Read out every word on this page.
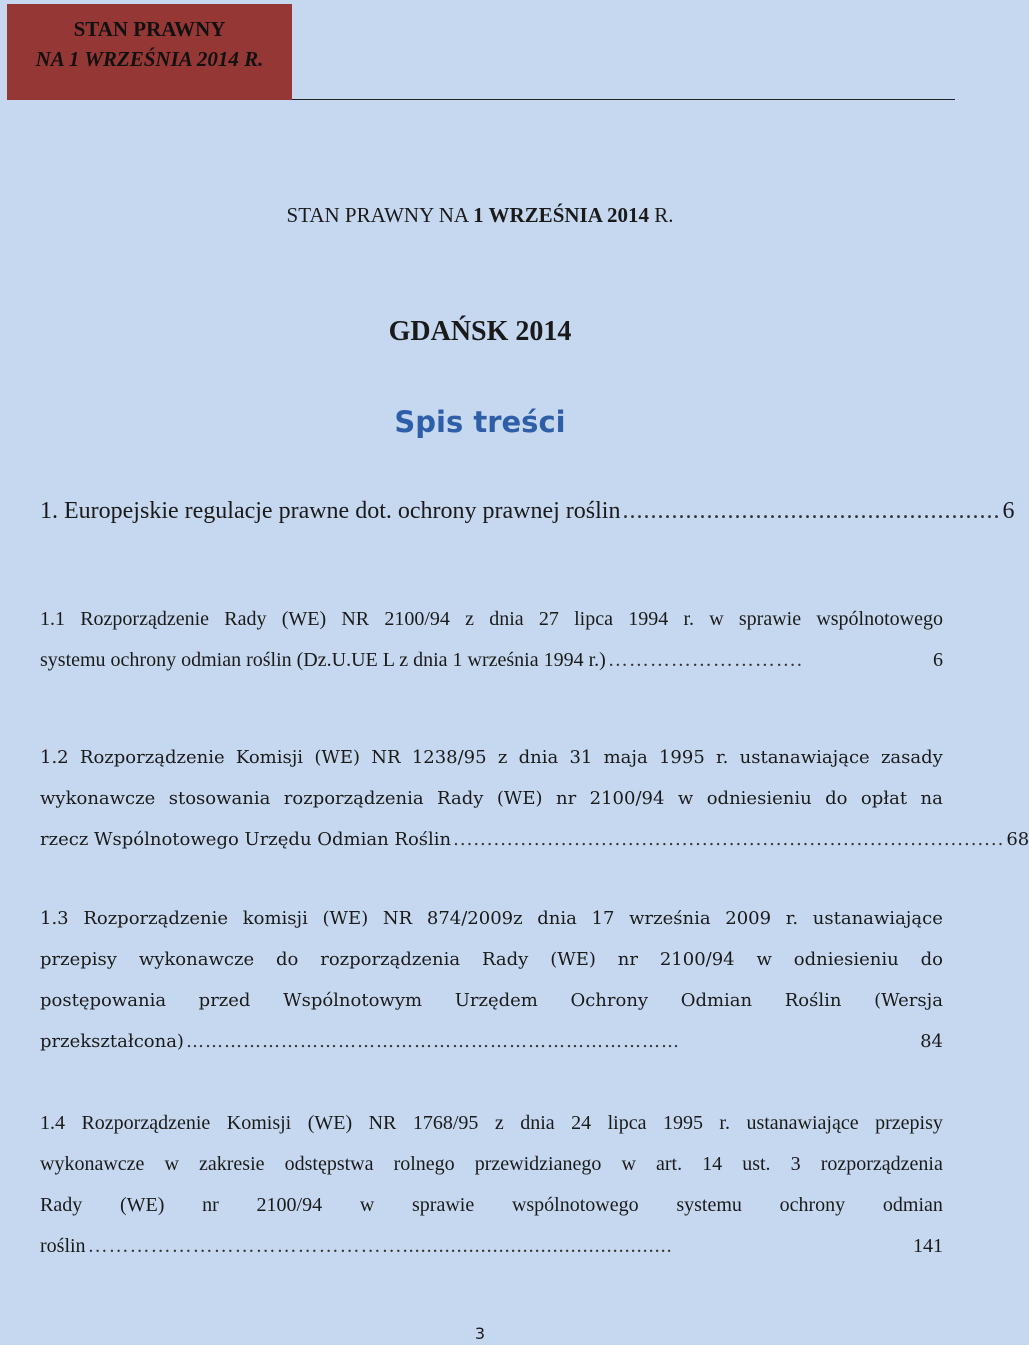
STAN PRAWNY
NA 1 WRZEŚNIA 2014 R.
STAN PRAWNY NA 1 WRZEŚNIA 2014 R.
GDAŃSK 2014
Spis treści
1. Europejskie regulacje prawne dot. ochrony prawnej roślin ...................................................... 6
1.1 Rozporządzenie Rady (WE) NR 2100/94 z dnia 27 lipca 1994 r. w sprawie wspólnotowego
systemu ochrony odmian roślin (Dz.U.UE L z dnia 1 września 1994 r.) ……………………….	6
1.2 Rozporządzenie Komisji (WE) NR 1238/95 z dnia 31 maja 1995 r. ustanawiające zasady
wykonawcze stosowania rozporządzenia Rady (WE) nr 2100/94 w odniesieniu do opłat na
rzecz Wspólnotowego Urzędu Odmian Roślin .................................................................................. 68
1.3 Rozporządzenie komisji (WE) NR 874/2009z dnia 17 września 2009 r. ustanawiające
przepisy wykonawcze do rozporządzenia Rady (WE) nr 2100/94 w odniesieniu do
postępowania przed Wspólnotowym Urzędem Ochrony Odmian Roślin (Wersja
przekształcona) ……………………………………………………………………	84
1.4 Rozporządzenie Komisji (WE) NR 1768/95 z dnia 24 lipca 1995 r. ustanawiające przepisy
wykonawcze w zakresie odstępstwa rolnego przewidzianego w art. 14 ust. 3 rozporządzenia
Rady (WE) nr 2100/94 w sprawie wspólnotowego systemu ochrony odmian
roślin ……………………………………….............................................	141
3
